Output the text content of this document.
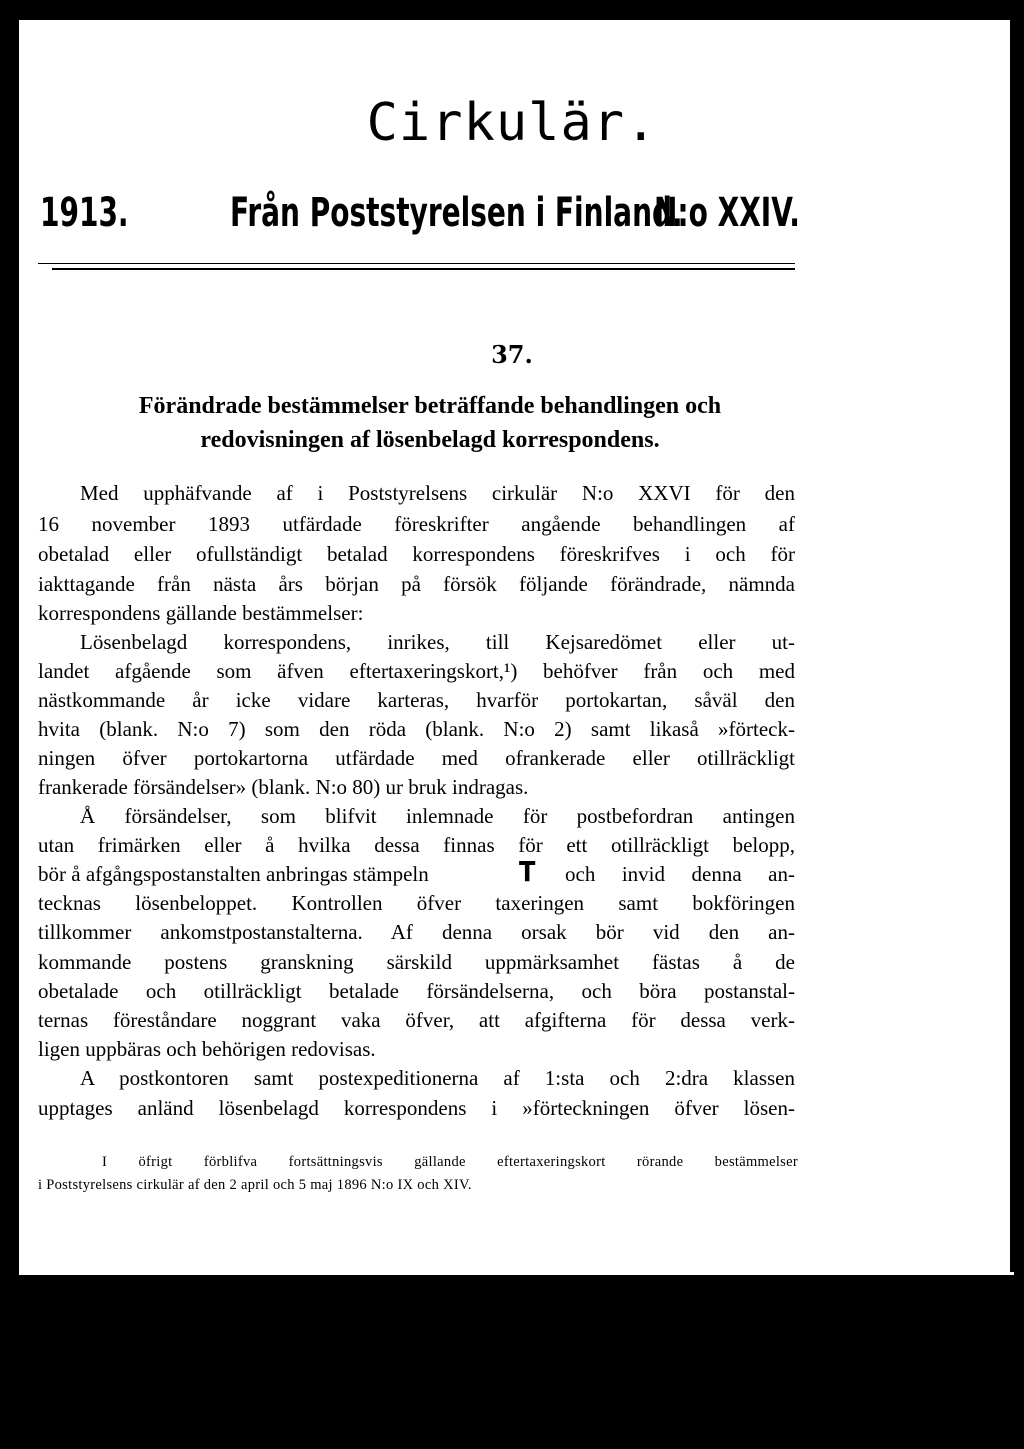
Cirkulär.
1913.	Från Poststyrelsen i Finland.
N:o XXIV.
37.
Förändrade bestämmelser beträffande behandlingen och
redovisningen af lösenbelagd korrespondens.
Med upphäfvande af i Poststyrelsens cirkulär N:o XXVI för den
16 november 1893 utfärdade föreskrifter angående behandlingen af
obetalad eller ofullständigt betalad korrespondens föreskrifves i och för
iakttagande från nästa års början på försök följande förändrade, nämnda
korrespondens gällande bestämmelser:
Lösenbelagd korrespondens, inrikes, till Kejsaredömet eller ut-
landet afgående som äfven eftertaxeringskort,¹) behöfver från och med
nästkommande år icke vidare karteras, hvarför portokartan, såväl den
hvita (blank. N:o 7) som den röda (blank. N:o 2) samt likaså »förteck-
ningen öfver portokartorna utfärdade med ofrankerade eller otillräckligt
frankerade försändelser» (blank. N:o 80) ur bruk indragas.
Å försändelser, som blifvit inlemnade för postbefordran antingen
utan frimärken eller å hvilka dessa finnas för ett otillräckligt belopp,
bör å afgångspostanstalten anbringas stämpeln	T och invid denna an-
tecknas lösenbeloppet. Kontrollen öfver taxeringen samt bokföringen
tillkommer ankomstpostanstalterna. Af denna orsak bör vid den an-
kommande postens granskning särskild uppmärksamhet fästas å de
obetalade och otillräckligt betalade försändelserna, och böra postanstal-
ternas föreståndare noggrant vaka öfver, att afgifterna för dessa verk-
ligen uppbäras och behörigen redovisas.
A postkontoren samt postexpeditionerna af 1:sta och 2:dra klassen
upptages anländ lösenbelagd korrespondens i »förteckningen öfver lösen-
I öfrigt förblifva fortsättningsvis gällande eftertaxeringskort rörande bestämmelser
i Poststyrelsens cirkulär af den 2 april och 5 maj 1896 N:o IX och XIV.
